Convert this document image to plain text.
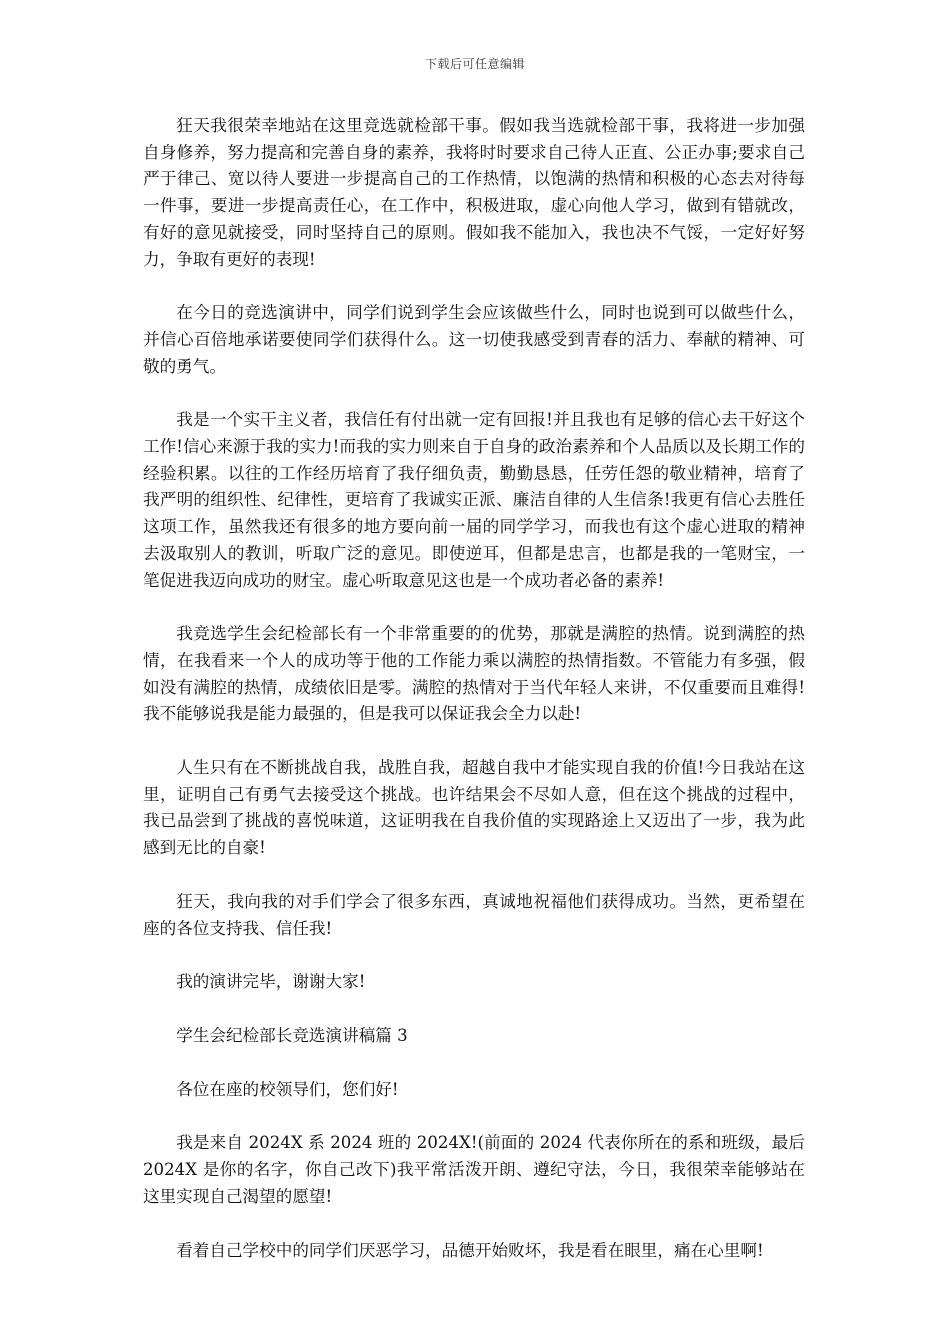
下载后可任意编辑

狂天我很荣幸地站在这里竞选就检部干事。假如我当选就检部干事，我将进一步加强自身修养，努力提高和完善自身的素养，我将时时要求自己待人正直、公正办事;要求自己严于律己、宽以待人要进一步提高自己的工作热情，以饱满的热情和积极的心态去对待每一件事，要进一步提高责任心，在工作中，积极进取，虚心向他人学习，做到有错就改，有好的意见就接受，同时坚持自己的原则。假如我不能加入，我也决不气馁，一定好好努力，争取有更好的表现!

在今日的竞选演讲中，同学们说到学生会应该做些什么，同时也说到可以做些什么，并信心百倍地承诺要使同学们获得什么。这一切使我感受到青春的活力、奉献的精神、可敬的勇气。

我是一个实干主义者，我信任有付出就一定有回报!并且我也有足够的信心去干好这个工作!信心来源于我的实力!而我的实力则来自于自身的政治素养和个人品质以及长期工作的经验积累。以往的工作经历培育了我仔细负责，勤勤恳恳，任劳任怨的敬业精神，培育了我严明的组织性、纪律性，更培育了我诚实正派、廉洁自律的人生信条!我更有信心去胜任这项工作，虽然我还有很多的地方要向前一届的同学学习，而我也有这个虚心进取的精神去汲取别人的教训，听取广泛的意见。即使逆耳，但都是忠言，也都是我的一笔财宝，一笔促进我迈向成功的财宝。虚心听取意见这也是一个成功者必备的素养!

我竞选学生会纪检部长有一个非常重要的的优势，那就是满腔的热情。说到满腔的热情，在我看来一个人的成功等于他的工作能力乘以满腔的热情指数。不管能力有多强，假如没有满腔的热情，成绩依旧是零。满腔的热情对于当代年轻人来讲，不仅重要而且难得!我不能够说我是能力最强的，但是我可以保证我会全力以赴!

人生只有在不断挑战自我，战胜自我，超越自我中才能实现自我的价值!今日我站在这里，证明自己有勇气去接受这个挑战。也许结果会不尽如人意，但在这个挑战的过程中，我已品尝到了挑战的喜悦味道，这证明我在自我价值的实现路途上又迈出了一步，我为此感到无比的自豪!

狂天，我向我的对手们学会了很多东西，真诚地祝福他们获得成功。当然，更希望在座的各位支持我、信任我!

我的演讲完毕，谢谢大家!

学生会纪检部长竞选演讲稿篇 3

各位在座的校领导们，您们好!

我是来自 2024X 系 2024 班的 2024X!(前面的 2024 代表你所在的系和班级，最后 2024X 是你的名字，你自己改下)我平常活泼开朗、遵纪守法，今日，我很荣幸能够站在这里实现自己渴望的愿望!

看着自己学校中的同学们厌恶学习，品德开始败坏，我是看在眼里，痛在心里啊!
